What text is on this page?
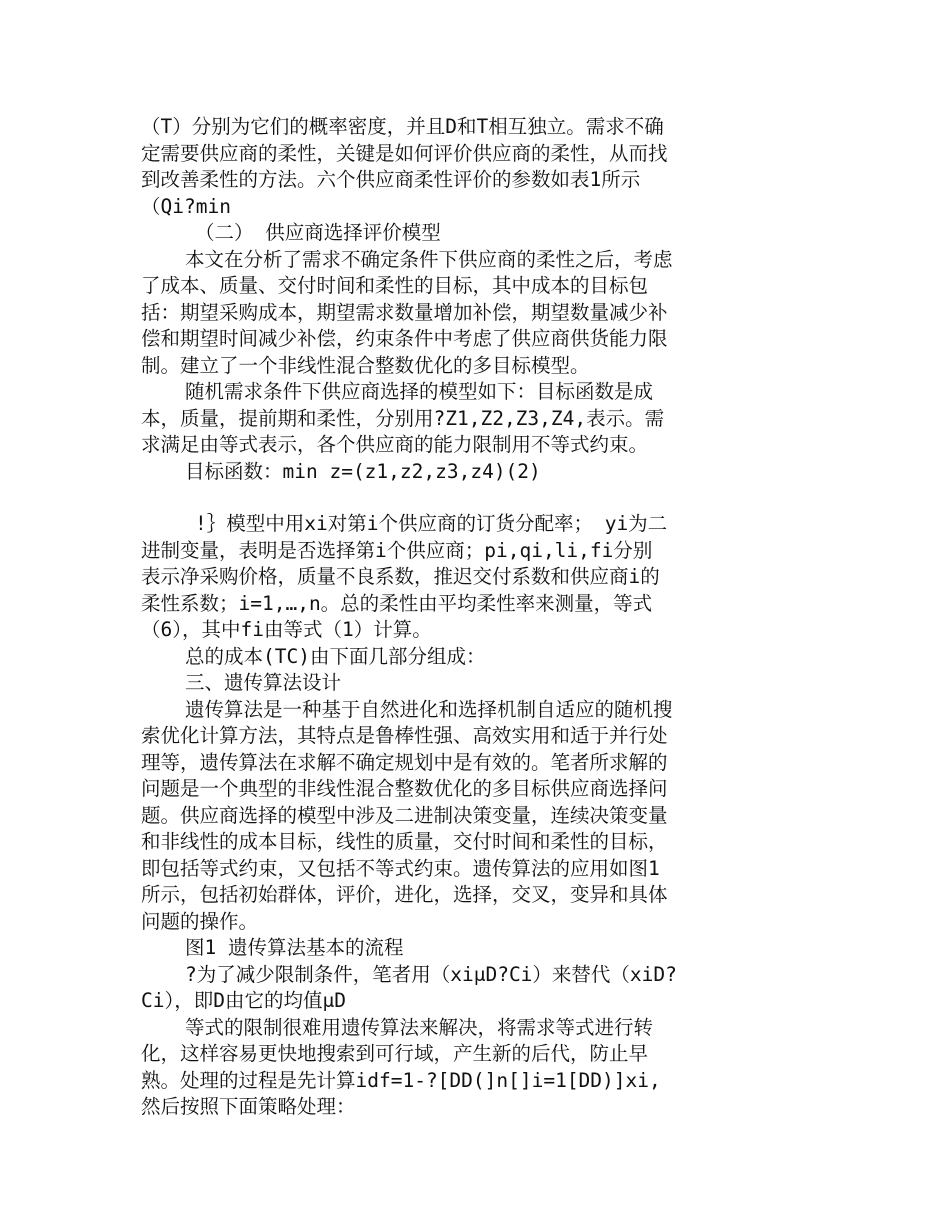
（T）分别为它们的概率密度，并且D和T相互独立。需求不确

定需要供应商的柔性，关键是如何评价供应商的柔性，从而找

到改善柔性的方法。六个供应商柔性评价的参数如表1所示

（Qi?min

（二） 供应商选择评价模型

本文在分析了需求不确定条件下供应商的柔性之后，考虑

了成本、质量、交付时间和柔性的目标，其中成本的目标包

括：期望采购成本，期望需求数量增加补偿，期望数量减少补

偿和期望时间减少补偿，约束条件中考虑了供应商供货能力限

制。建立了一个非线性混合整数优化的多目标模型。

随机需求条件下供应商选择的模型如下：目标函数是成

本，质量，提前期和柔性，分别用?Z1,Z2,Z3,Z4,表示。需

求满足由等式表示，各个供应商的能力限制用不等式约束。

目标函数：min z=(z1,z2,z3,z4)(2)

!｝模型中用xi对第i个供应商的订货分配率； yi为二

进制变量，表明是否选择第i个供应商；pi,qi,li,fi分别

表示净采购价格，质量不良系数，推迟交付系数和供应商i的

柔性系数；i=1,…,n。总的柔性由平均柔性率来测量，等式

（6），其中fi由等式（1）计算。

总的成本(TC)由下面几部分组成：

三、遗传算法设计

遗传算法是一种基于自然进化和选择机制自适应的随机搜

索优化计算方法，其特点是鲁棒性强、高效实用和适于并行处

理等，遗传算法在求解不确定规划中是有效的。笔者所求解的

问题是一个典型的非线性混合整数优化的多目标供应商选择问

题。供应商选择的模型中涉及二进制决策变量，连续决策变量

和非线性的成本目标，线性的质量，交付时间和柔性的目标，

即包括等式约束，又包括不等式约束。遗传算法的应用如图1

所示，包括初始群体，评价，进化，选择，交叉，变异和具体

问题的操作。

图1 遗传算法基本的流程

?为了减少限制条件，笔者用（xiμD?Ci）来替代（xiD?

Ci），即D由它的均值μD

等式的限制很难用遗传算法来解决，将需求等式进行转

化，这样容易更快地搜索到可行域，产生新的后代，防止早

熟。处理的过程是先计算idf=1-?[DD(]n[]i=1[DD)]xi,

然后按照下面策略处理：
